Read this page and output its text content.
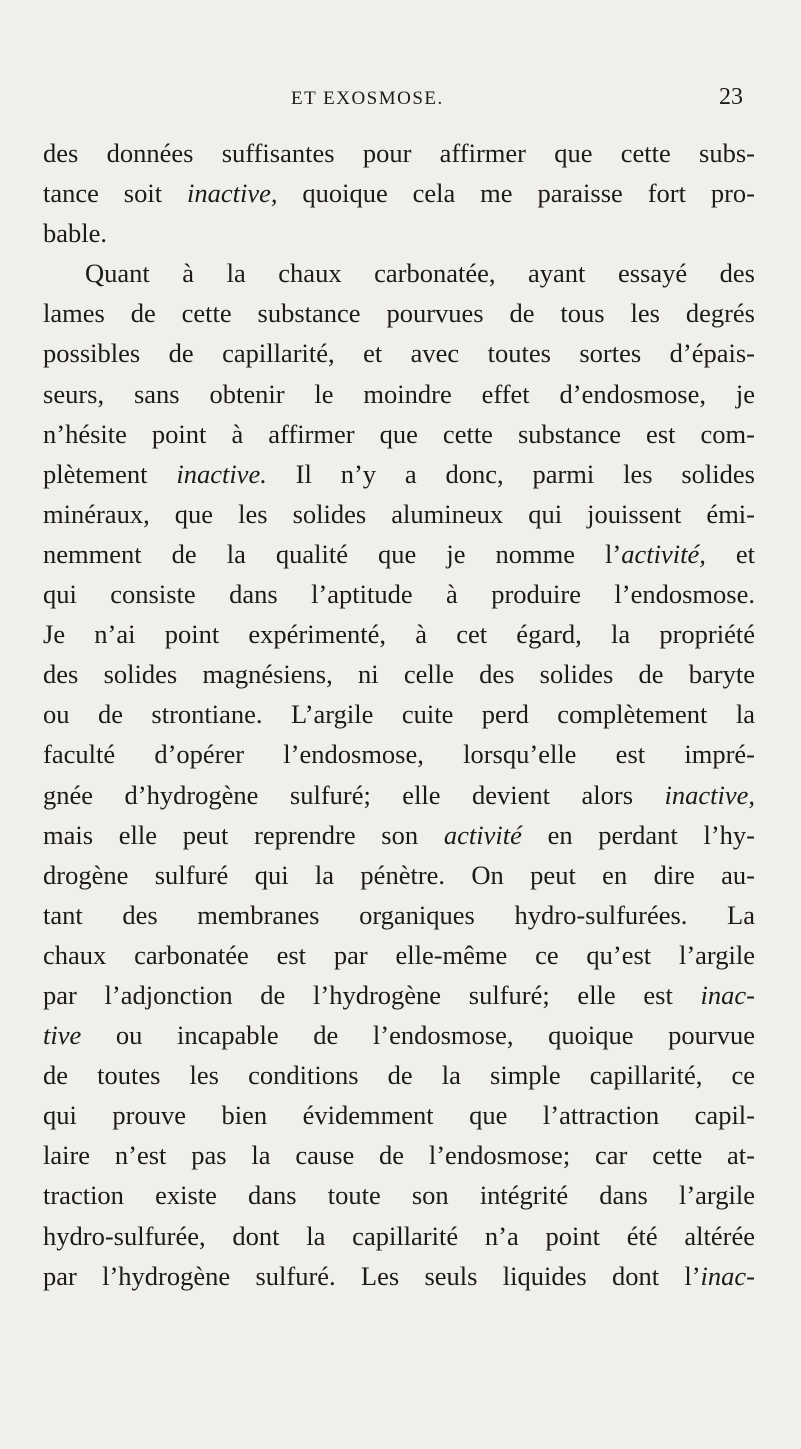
ET EXOSMOSE.	23
des données suffisantes pour affirmer que cette subs-
tance soit inactive, quoique cela me paraisse fort pro-
bable.
Quant à la chaux carbonatée, ayant essayé des
lames de cette substance pourvues de tous les degrés
possibles de capillarité, et avec toutes sortes d’épais-
seurs, sans obtenir le moindre effet d’endosmose, je
n’hésite point à affirmer que cette substance est com-
plètement inactive. Il n’y a donc, parmi les solides
minéraux, que les solides alumineux qui jouissent émi-
nemment de la qualité que je nomme l’activité, et
qui consiste dans l’aptitude à produire l’endosmose.
Je n’ai point expérimenté, à cet égard, la propriété
des solides magnésiens, ni celle des solides de baryte
ou de strontiane. L’argile cuite perd complètement la
faculté d’opérer l’endosmose, lorsqu’elle est impré-
gnée d’hydrogène sulfuré; elle devient alors inactive,
mais elle peut reprendre son activité en perdant l’hy-
drogène sulfuré qui la pénètre. On peut en dire au-
tant des membranes organiques hydro-sulfurées. La
chaux carbonatée est par elle-même ce qu’est l’argile
par l’adjonction de l’hydrogène sulfuré; elle est inac-
tive ou incapable de l’endosmose, quoique pourvue
de toutes les conditions de la simple capillarité, ce
qui prouve bien évidemment que l’attraction capil-
laire n’est pas la cause de l’endosmose; car cette at-
traction existe dans toute son intégrité dans l’argile
hydro-sulfurée, dont la capillarité n’a point été altérée
par l’hydrogène sulfuré. Les seuls liquides dont l’inac-
